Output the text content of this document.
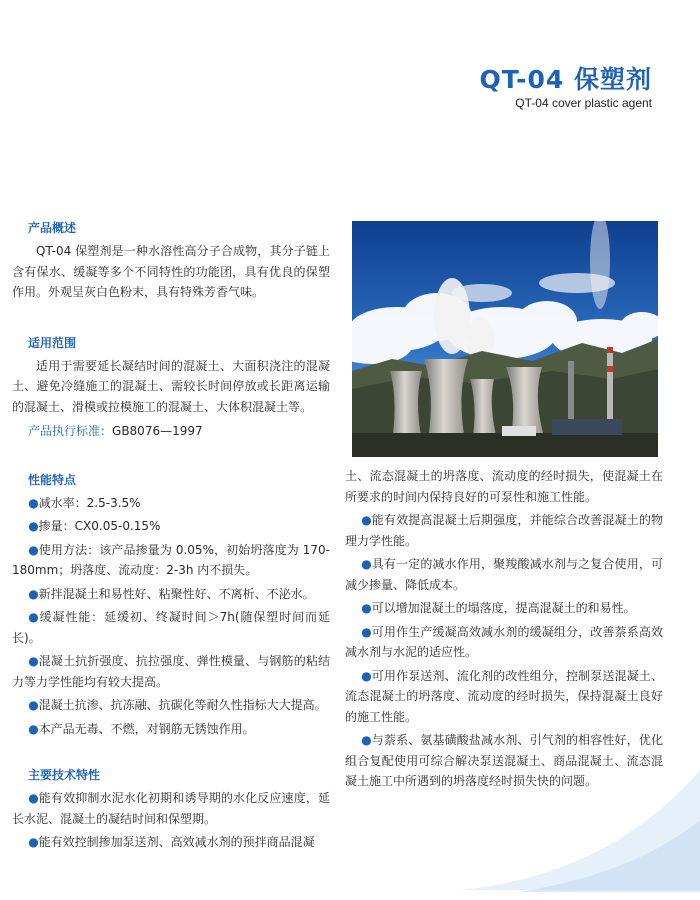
QT-04 保塑剂
QT-04 cover plastic agent
产品概述

QT-04 保塑剂是一种水溶性高分子合成物，其分子链上含有保水、缓凝等多个不同特性的功能团，具有优良的保塑作用。外观呈灰白色粉末，具有特殊芳香气味。

适用范围

适用于需要延长凝结时间的混凝土、大面积浇注的混凝土、避免冷缝施工的混凝土、需较长时间停放或长距离运输的混凝土、滑模或拉模施工的混凝土、大体积混凝土等。

产品执行标准：GB8076—1997
性能特点

●减水率：2.5-3.5%

●掺量：CX0.05-0.15%

●使用方法：该产品掺量为 0.05%，初始坍落度为 170-180mm；坍落度、流动度：2-3h 内不损失。

●新拌混凝土和易性好、粘聚性好、不离析、不泌水。

●缓凝性能：延缓初、终凝时间＞7h(随保塑时间而延长)。

●混凝土抗折强度、抗拉强度、弹性模量、与钢筋的粘结力等力学性能均有较大提高。

●混凝土抗渗、抗冻融、抗碳化等耐久性指标大大提高。

●本产品无毒、不燃，对钢筋无锈蚀作用。

主要技术特性

●能有效抑制水泥水化初期和诱导期的水化反应速度，延长水泥、混凝土的凝结时间和保塑期。

●能有效控制掺加泵送剂、高效减水剂的预拌商品混凝

土、流态混凝土的坍落度、流动度的经时损失，使混凝土在所要求的时间内保持良好的可泵性和施工性能。

●能有效提高混凝土后期强度，并能综合改善混凝土的物理力学性能。

●具有一定的减水作用，聚羧酸减水剂与之复合使用，可减少掺量、降低成本。

●可以增加混凝土的塌落度，提高混凝土的和易性。

●可用作生产缓凝高效减水剂的缓凝组分，改善萘系高效减水剂与水泥的适应性。

●可用作泵送剂、流化剂的改性组分，控制泵送混凝土、流态混凝土的坍落度、流动度的经时损失，保持混凝土良好的施工性能。

●与萘系、氨基磺酸盐减水剂、引气剂的相容性好，优化组合复配使用可综合解决泵送混凝土、商品混凝土、流态混凝土施工中所遇到的坍落度经时损失快的问题。
